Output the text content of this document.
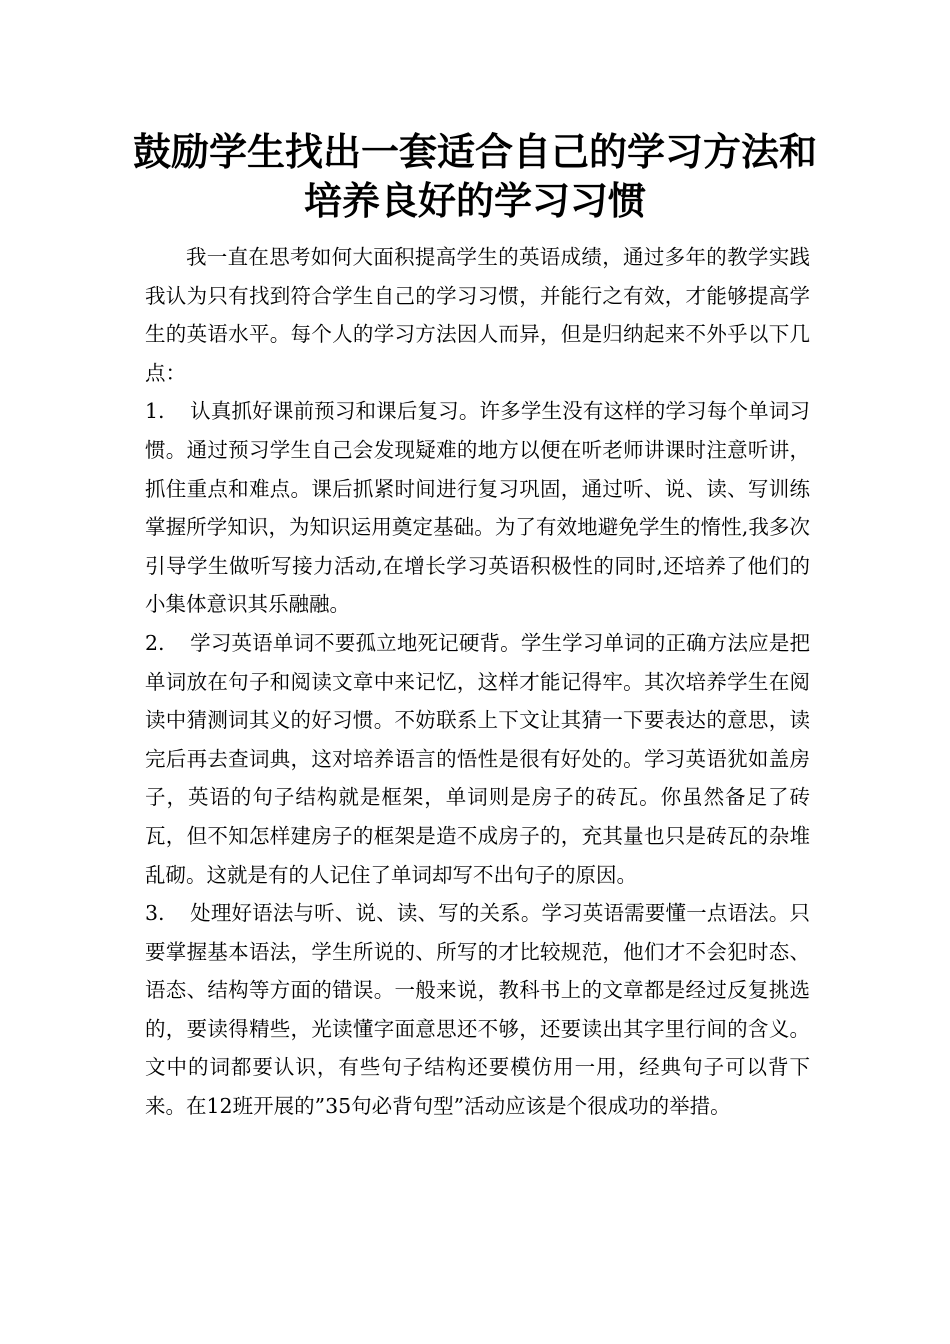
鼓励学生找出一套适合自己的学习方法和
培养良好的学习习惯

我一直在思考如何大面积提高学生的英语成绩，通过多年的教学实践我认为只有找到符合学生自己的学习习惯，并能行之有效，才能够提高学生的英语水平。每个人的学习方法因人而异，但是归纳起来不外乎以下几点：

1. 认真抓好课前预习和课后复习。许多学生没有这样的学习每个单词习惯。通过预习学生自己会发现疑难的地方以便在听老师讲课时注意听讲，抓住重点和难点。课后抓紧时间进行复习巩固，通过听、说、读、写训练掌握所学知识，为知识运用奠定基础。为了有效地避免学生的惰性,我多次引导学生做听写接力活动,在增长学习英语积极性的同时,还培养了他们的小集体意识其乐融融。

2. 学习英语单词不要孤立地死记硬背。学生学习单词的正确方法应是把单词放在句子和阅读文章中来记忆，这样才能记得牢。其次培养学生在阅读中猜测词其义的好习惯。不妨联系上下文让其猜一下要表达的意思，读完后再去查词典，这对培养语言的悟性是很有好处的。学习英语犹如盖房子，英语的句子结构就是框架，单词则是房子的砖瓦。你虽然备足了砖瓦，但不知怎样建房子的框架是造不成房子的，充其量也只是砖瓦的杂堆乱砌。这就是有的人记住了单词却写不出句子的原因。

3. 处理好语法与听、说、读、写的关系。学习英语需要懂一点语法。只要掌握基本语法，学生所说的、所写的才比较规范，他们才不会犯时态、语态、结构等方面的错误。一般来说，教科书上的文章都是经过反复挑选的，要读得精些，光读懂字面意思还不够，还要读出其字里行间的含义。文中的词都要认识，有些句子结构还要模仿用一用，经典句子可以背下来。在12班开展的”35句必背句型”活动应该是个很成功的举措。
